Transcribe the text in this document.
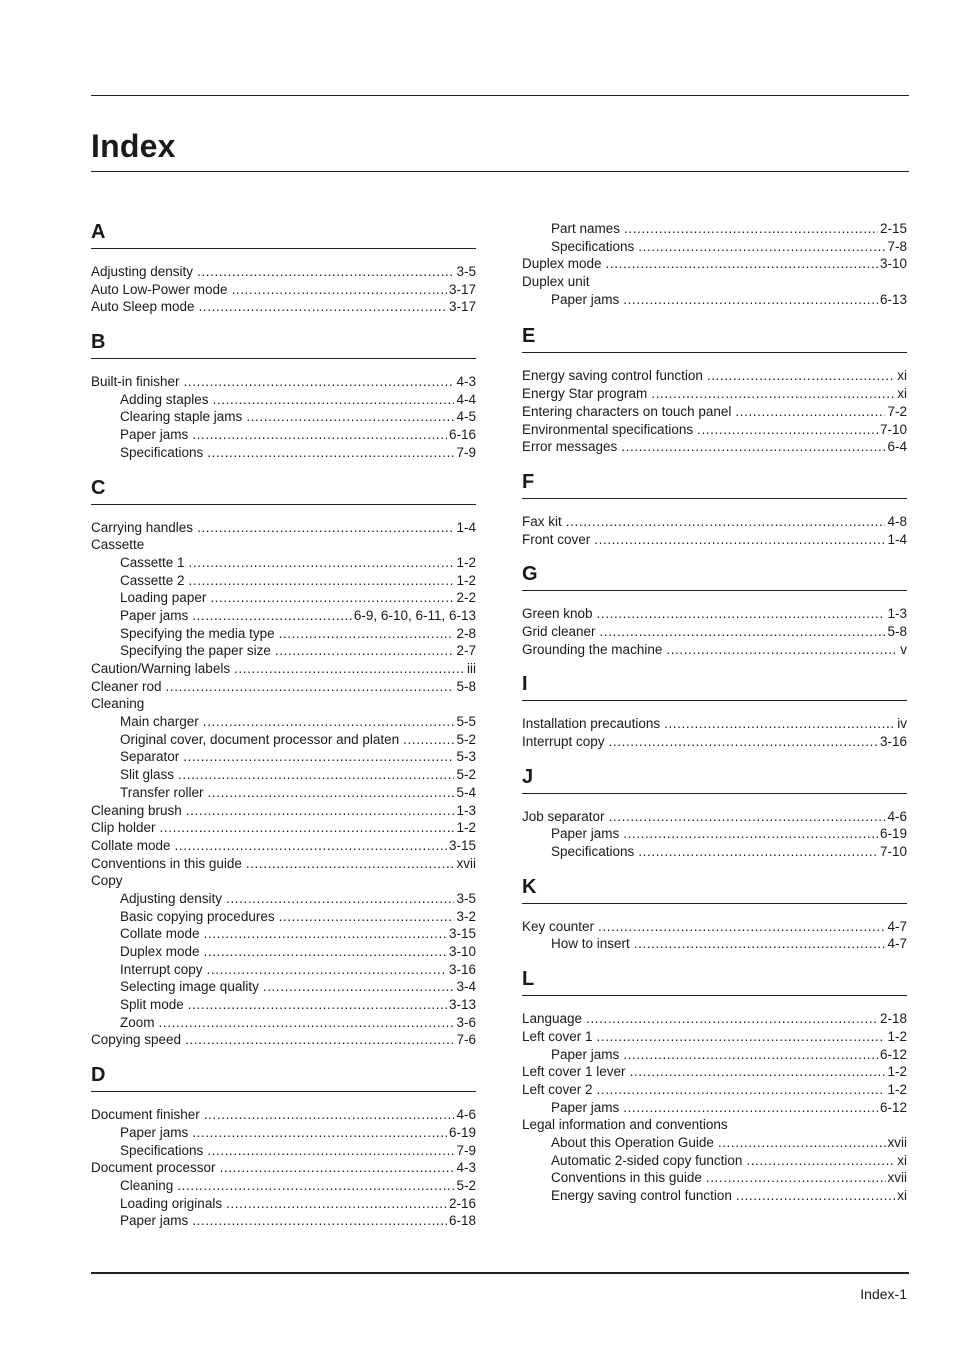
Index
A
Adjusting density .....	3-5
Auto Low-Power mode .....	3-17
Auto Sleep mode .....	3-17
B
Built-in finisher .....	4-3
Adding staples .....	4-4
Clearing staple jams .....	4-5
Paper jams .....	6-16
Specifications .....	7-9
C
Carrying handles .....	1-4
Cassette
Cassette 1 .....	1-2
Cassette 2 .....	1-2
Loading paper .....	2-2
Paper jams .....	6-9, 6-10, 6-11, 6-13
Specifying the media type .....	2-8
Specifying the paper size .....	2-7
Caution/Warning labels .....	iii
Cleaner rod .....	5-8
Cleaning
Main charger .....	5-5
Original cover, document processor and platen .....	5-2
Separator .....	5-3
Slit glass .....	5-2
Transfer roller .....	5-4
Cleaning brush .....	1-3
Clip holder .....	1-2
Collate mode .....	3-15
Conventions in this guide .....	xvii
Copy
Adjusting density .....	3-5
Basic copying procedures .....	3-2
Collate mode .....	3-15
Duplex mode .....	3-10
Interrupt copy .....	3-16
Selecting image quality .....	3-4
Split mode .....	3-13
Zoom .....	3-6
Copying speed .....	7-6
D
Document finisher .....	4-6
Paper jams .....	6-19
Specifications .....	7-9
Document processor .....	4-3
Cleaning .....	5-2
Loading originals .....	2-16
Paper jams .....	6-18
Part names .....	2-15
Specifications .....	7-8
Duplex mode .....	3-10
Duplex unit
Paper jams .....	6-13
E
Energy saving control function .....	xi
Energy Star program .....	xi
Entering characters on touch panel .....	7-2
Environmental specifications .....	7-10
Error messages .....	6-4
F
Fax kit .....	4-8
Front cover .....	1-4
G
Green knob .....	1-3
Grid cleaner .....	5-8
Grounding the machine .....	v
I
Installation precautions .....	iv
Interrupt copy .....	3-16
J
Job separator .....	4-6
Paper jams .....	6-19
Specifications .....	7-10
K
Key counter .....	4-7
How to insert .....	4-7
L
Language .....	2-18
Left cover 1 .....	1-2
Paper jams .....	6-12
Left cover 1 lever .....	1-2
Left cover 2 .....	1-2
Paper jams .....	6-12
Legal information and conventions
About this Operation Guide .....	xvii
Automatic 2-sided copy function .....	xi
Conventions in this guide .....	xvii
Energy saving control function .....	xi
Index-1
